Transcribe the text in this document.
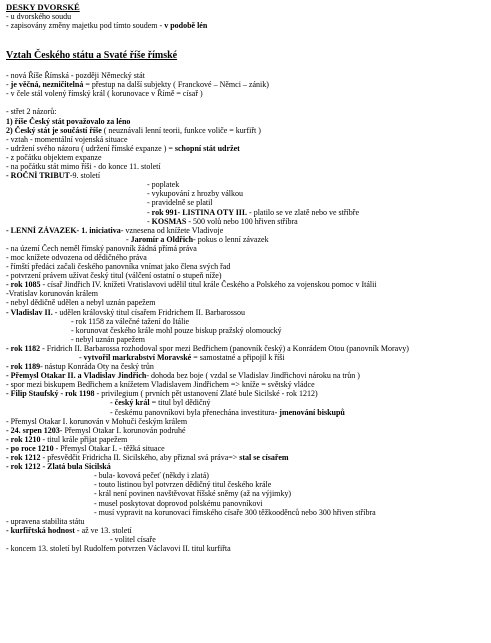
DESKY DVORSKÉ
- u dvorského soudu
- zapisovány změny majetku pod tímto soudem - v podobě lén
Vztah Českého státu a Svaté říše římské
- nová Říše Římská - později Německý stát
- je věčná, nezničitelná = přestup na další subjekty ( Franckové – Němci – zánik)
- v čele stál volený římský král ( korunovace v Římě = císař )
- střet 2 názorů:
1) říše Český stát považovalo za léno
2) Český stát je součástí říše ( neuznávali lenní teorii, funkce voliče = kurfiřt )
- vztah - momentální vojenská situace
- udržení svého názoru ( udržení římské expanze ) = schopní stát udržet
- z počátku objektem expanze
- na počátku stát mimo říši - do konce 11. století
- ROČNÍ TRIBUT-9. století
- poplatek
- vykupování z hrozby válkou
- pravidelně se platil
- rok 991- LISTINA OTY III. - platilo se ve zlatě nebo ve stříbře
- KOSMAS - 500 volů nebo 100 hřiven stříbra
- LENNÍ ZÁVAZEK- 1. iniciativa- vznesena od knížete Vladivoje
- Jaromír a Oldřich- pokus o lenní závazek
- na území Čech neměl římský panovník žádná přímá práva
- moc knížete odvozena od dědičného práva
- římští předáci začali českého panovníka vnímat jako člena svých řad
- potvrzení právem užívat český titul (válčení ostatní o stupeň níže)
- rok 1085 - císař Jindřich IV. knížeti Vratislavovi udělil titul krále Českého a Polského za vojenskou pomoc v Itálii
-Vratislav korunován králem
- nebyl dědičně udělen a nebyl uznán papežem
- Vladislav II. - udělen královský titul císařem Fridrichem II. Barbarossou
- rok 1158 za válečné tažení do Itálie
- korunovat českého krále mohl pouze biskup pražský olomoucký
- nebyl uznán papežem
- rok 1182 - Fridrich II. Barbarossa rozhodoval spor mezi Bedřichem (panovník český) a Konrádem Otou (panovník Moravy)
- vytvořil markrabství Moravské = samostatné a připojil k říši
- rok 1189- nástup Konráda Oty na český trůn
- Přemysl Otakar II. a Vladislav Jindřich- dohoda bez boje ( vzdal se Vladislav Jindřichovi nároku na trůn )
- spor mezi biskupem Bedřichem a knížetem Vladislavem Jindřichem => kníže = světský vládce
- Filip Staufský - rok 1198 - privilegium ( prvních pět ustanovení Zlaté bule Sicilské - rok 1212)
- český král = titul byl dědičný
- českému panovníkovi byla přenechána investitura- jmenování biskupů
- Přemysl Otakar I. korunován v Mohuči českým králem
- 24. srpen 1203- Přemysl Otakar I. korunován podruhé
- rok 1210 - titul krále přijat papežem
- po roce 1210 - Přemysl Otakar I. - těžká situace
- rok 1212 - přesvědčit Fridricha II. Sicilského, aby přiznal svá práva=> stal se císařem
- rok 1212 - Zlatá bula Sicilská
- bula- kovová pečeť (někdy i zlatá)
- touto listinou byl potvrzen dědičný titul českého krále
- král není povinen navštěvovat říšské sněmy (až na výjimky)
- musel poskytovat doprovod polskému panovníkovi
- musí vypravit na korunovaci římského císaře 300 těžkooděnců nebo 300 hřiven stříbra
- upravena stabilita státu
- kurfiřtská hodnost - až ve 13. století
- volitel císaře
- koncem 13. století byl Rudolfem potvrzen Václavovi II. titul kurfiřta
